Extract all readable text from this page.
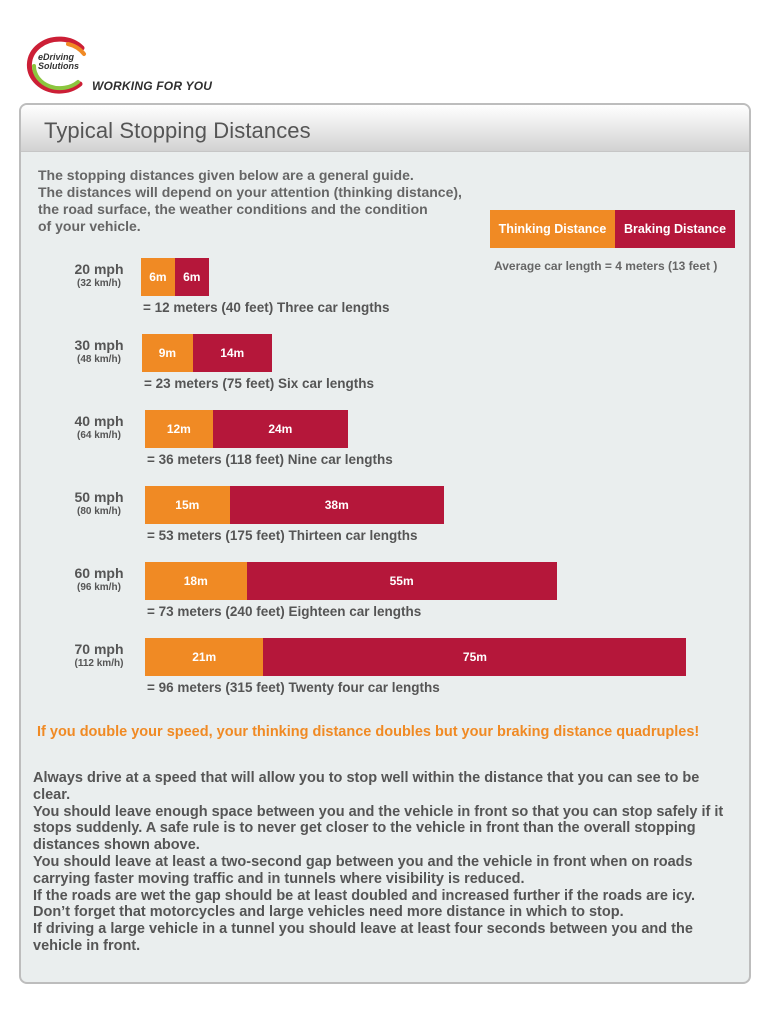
eDriving
Solutions
WORKING FOR YOU
Typical Stopping Distances
The stopping distances given below are a general guide.
The distances will depend on your attention (thinking distance),
the road surface, the weather conditions and the condition
of your vehicle.	Thinking Distance	Braking Distance
Average car length = 4 meters (13 feet )
If you double your speed, your thinking distance doubles but your braking distance quadruples!

Always drive at a speed that will allow you to stop well within the distance that you can see to be clear.

You should leave enough space between you and the vehicle in front so that you can stop safely if it stops suddenly. A safe rule is to never get closer to the vehicle in front than the overall stopping distances shown above.

You should leave at least a two-second gap between you and the vehicle in front when on roads carrying faster moving traffic and in tunnels where visibility is reduced.

If the roads are wet the gap should be at least doubled and increased further if the roads are icy.

Don’t forget that motorcycles and large vehicles need more distance in which to stop.

If driving a large vehicle in a tunnel you should leave at least four seconds between you and the vehicle in front.

20 mph
(32 km/h)	6m	6m
= 12 meters (40 feet) Three car lengths
30 mph
(48 km/h)	9m	14m
= 23 meters (75 feet) Six car lengths
40 mph
(64 km/h)	12m	24m
= 36 meters (118 feet) Nine car lengths
50 mph
(80 km/h)	15m	38m
= 53 meters (175 feet) Thirteen car lengths
60 mph
(96 km/h)	18m	55m
= 73 meters (240 feet) Eighteen car lengths
70 mph
(112 km/h)	21m	75m
= 96 meters (315 feet) Twenty four car lengths
